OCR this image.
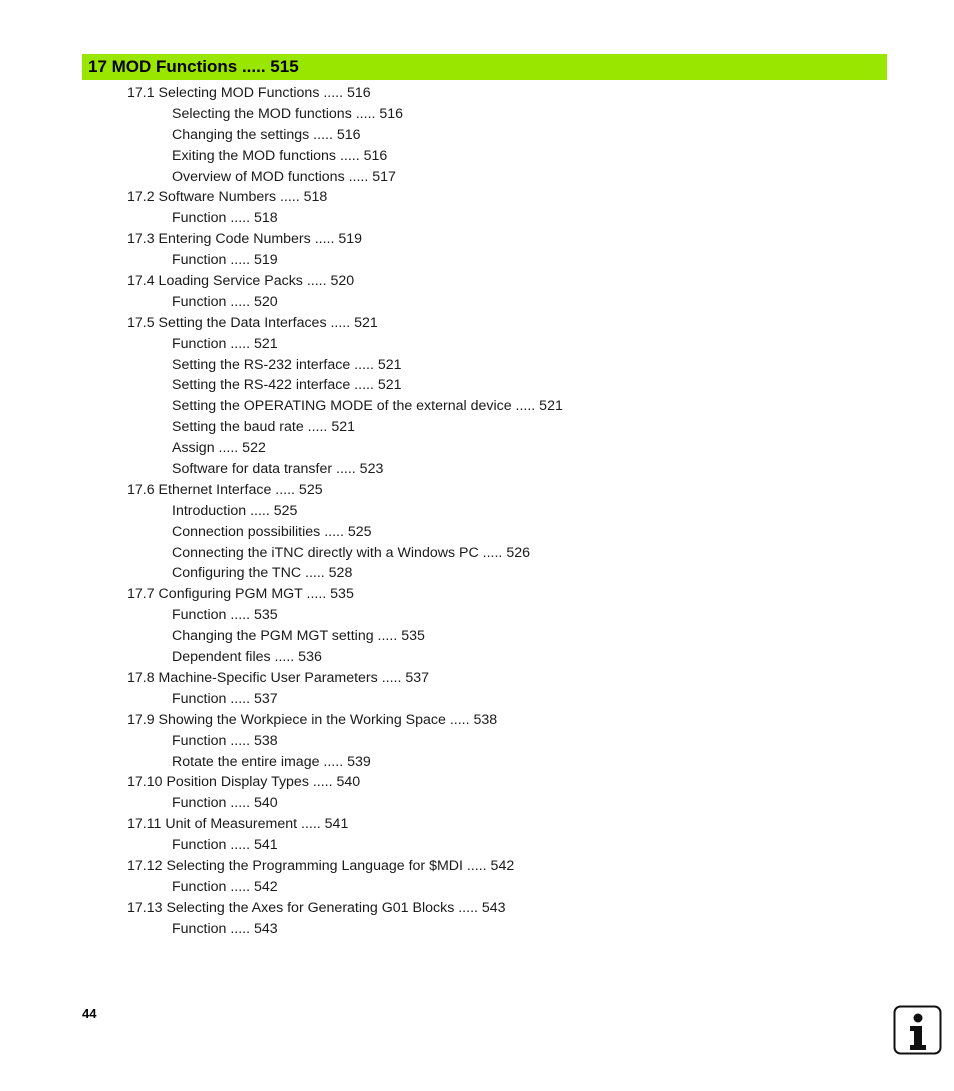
17 MOD Functions ..... 515
17.1 Selecting MOD Functions ..... 516
Selecting the MOD functions ..... 516
Changing the settings ..... 516
Exiting the MOD functions ..... 516
Overview of MOD functions ..... 517
17.2 Software Numbers ..... 518
Function ..... 518
17.3 Entering Code Numbers ..... 519
Function ..... 519
17.4 Loading Service Packs ..... 520
Function ..... 520
17.5 Setting the Data Interfaces ..... 521
Function ..... 521
Setting the RS-232 interface ..... 521
Setting the RS-422 interface ..... 521
Setting the OPERATING MODE of the external device ..... 521
Setting the baud rate ..... 521
Assign ..... 522
Software for data transfer ..... 523
17.6 Ethernet Interface ..... 525
Introduction ..... 525
Connection possibilities ..... 525
Connecting the iTNC directly with a Windows PC ..... 526
Configuring the TNC ..... 528
17.7 Configuring PGM MGT ..... 535
Function ..... 535
Changing the PGM MGT setting ..... 535
Dependent files ..... 536
17.8 Machine-Specific User Parameters ..... 537
Function ..... 537
17.9 Showing the Workpiece in the Working Space ..... 538
Function ..... 538
Rotate the entire image ..... 539
17.10 Position Display Types ..... 540
Function ..... 540
17.11 Unit of Measurement ..... 541
Function ..... 541
17.12 Selecting the Programming Language for $MDI ..... 542
Function ..... 542
17.13 Selecting the Axes for Generating G01 Blocks ..... 543
Function ..... 543
44
